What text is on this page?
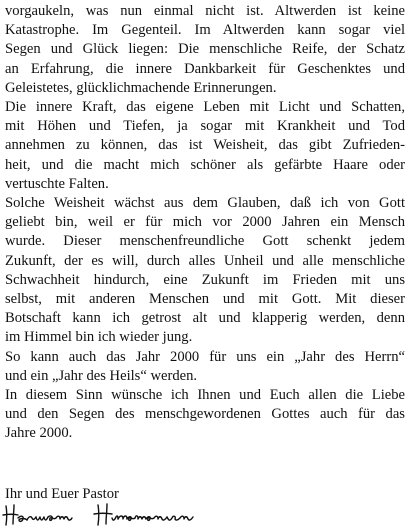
vorgaukeln, was nun einmal nicht ist. Altwerden ist keine
Katastrophe. Im Gegenteil. Im Altwerden kann sogar viel
Segen und Glück liegen: Die menschliche Reife, der Schatz
an Erfahrung, die innere Dankbarkeit für Geschenktes und
Geleistetes, glücklichmachende Erinnerungen.

Die innere Kraft, das eigene Leben mit Licht und Schatten,
mit Höhen und Tiefen, ja sogar mit Krankheit und Tod
annehmen zu können, das ist Weisheit, das gibt Zufrieden-
heit, und die macht mich schöner als gefärbte Haare oder
vertuschte Falten.

Solche Weisheit wächst aus dem Glauben, daß ich von Gott
geliebt bin, weil er für mich vor 2000 Jahren ein Mensch
wurde. Dieser menschenfreundliche Gott schenkt jedem
Zukunft, der es will, durch alles Unheil und alle menschliche
Schwachheit hindurch, eine Zukunft im Frieden mit uns
selbst, mit anderen Menschen und mit Gott. Mit dieser
Botschaft kann ich getrost alt und klapperig werden, denn
im Himmel bin ich wieder jung.

So kann auch das Jahr 2000 für uns ein „Jahr des Herrn“
und ein „Jahr des Heils“ werden.

In diesem Sinn wünsche ich Ihnen und Euch allen die Liebe
und den Segen des menschgewordenen Gottes auch für das
Jahre 2000.

Ihr und Euer Pastor
